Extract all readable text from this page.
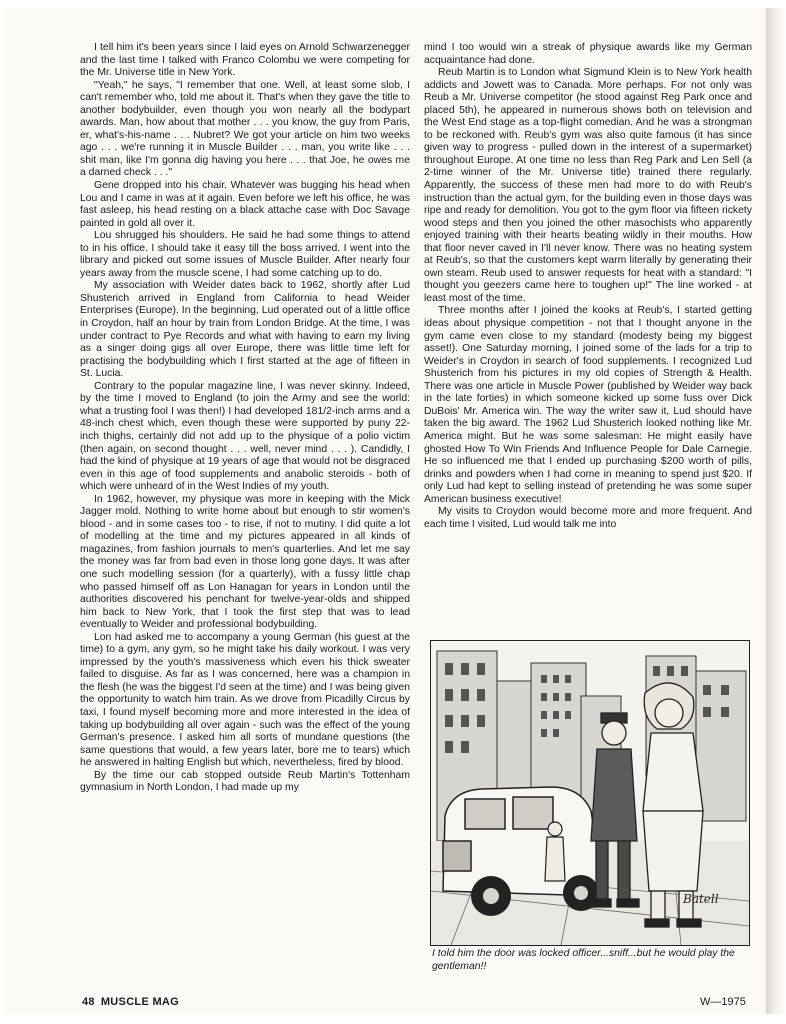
I tell him it's been years since I laid eyes on Arnold Schwarzenegger and the last time I talked with Franco Colombu we were competing for the Mr. Universe title in New York.

"Yeah," he says, "I remember that one. Well, at least some slob, I can't remember who, told me about it. That's when they gave the title to another bodybuilder, even though you won nearly all the bodypart awards. Man, how about that mother . . . you know, the guy from Paris, er, what's-his-name . . . Nubret? We got your article on him two weeks ago . . . we're running it in Muscle Builder . . . man, you write like . . . shit man, like I'm gonna dig having you here . . . that Joe, he owes me a darned check . . ."

Gene dropped into his chair. Whatever was bugging his head when Lou and I came in was at it again. Even before we left his office, he was fast asleep, his head resting on a black attache case with Doc Savage painted in gold all over it.

Lou shrugged his shoulders. He said he had some things to attend to in his office. I should take it easy till the boss arrived. I went into the library and picked out some issues of Muscle Builder. After nearly four years away from the muscle scene, I had some catching up to do.

My association with Weider dates back to 1962, shortly after Lud Shusterich arrived in England from California to head Weider Enterprises (Europe). In the beginning, Lud operated out of a little office in Croydon, half an hour by train from London Bridge. At the time, I was under contract to Pye Records and what with having to earn my living as a singer doing gigs all over Europe, there was little time left for practising the bodybuilding which I first started at the age of fifteen in St. Lucia.

Contrary to the popular magazine line, I was never skinny. Indeed, by the time I moved to England (to join the Army and see the world: what a trusting fool I was then!) I had developed 181/2-inch arms and a 48-inch chest which, even though these were supported by puny 22-inch thighs, certainly did not add up to the physique of a polio victim (then again, on second thought . . . well, never mind . . . ). Candidly, I had the kind of physique at 19 years of age that would not be disgraced even in this age of food supplements and anabolic steroids - both of which were unheard of in the West Indies of my youth.

In 1962, however, my physique was more in keeping with the Mick Jagger mold. Nothing to write home about but enough to stir women's blood - and in some cases too - to rise, if not to mutiny. I did quite a lot of modelling at the time and my pictures appeared in all kinds of magazines, from fashion journals to men's quarterlies. And let me say the money was far from bad even in those long gone days. It was after one such modelling session (for a quarterly), with a fussy little chap who passed himself off as Lon Hanagan for years in London until the authorities discovered his penchant for twelve-year-olds and shipped him back to New York, that I took the first step that was to lead eventually to Weider and professional bodybuilding.

Lon had asked me to accompany a young German (his guest at the time) to a gym, any gym, so he might take his daily workout. I was very impressed by the youth's massiveness which even his thick sweater failed to disguise. As far as I was concerned, here was a champion in the flesh (he was the biggest I'd seen at the time) and I was being given the opportunity to watch him train. As we drove from Picadilly Circus by taxi, I found myself becoming more and more interested in the idea of taking up bodybuilding all over again - such was the effect of the young German's presence. I asked him all sorts of mundane questions (the same questions that would, a few years later, bore me to tears) which he answered in halting English but which, nevertheless, fired by blood.

By the time our cab stopped outside Reub Martin's Tottenham gymnasium in North London, I had made up my

mind I too would win a streak of physique awards like my German acquaintance had done.

Reub Martin is to London what Sigmund Klein is to New York health addicts and Jowett was to Canada. More perhaps. For not only was Reub a Mr. Universe competitor (he stood against Reg Park once and placed 5th), he appeared in numerous shows both on television and the West End stage as a top-flight comedian. And he was a strongman to be reckoned with. Reub's gym was also quite famous (it has since given way to progress - pulled down in the interest of a supermarket) throughout Europe. At one time no less than Reg Park and Len Sell (a 2-time winner of the Mr. Universe title) trained there regularly. Apparently, the success of these men had more to do with Reub's instruction than the actual gym, for the building even in those days was ripe and ready for demolition. You got to the gym floor via fifteen rickety wood steps and then you joined the other masochists who apparently enjoyed training with their hearts beating wildly in their mouths. How that floor never caved in I'll never know. There was no heating system at Reub's, so that the customers kept warm literally by generating their own steam. Reub used to answer requests for heat with a standard: "I thought you geezers came here to toughen up!" The line worked - at least most of the time.

Three months after I joined the kooks at Reub's, I started getting ideas about physique competition - not that I thought anyone in the gym came even close to my standard (modesty being my biggest asset!). One Saturday morning, I joined some of the lads for a trip to Weider's in Croydon in search of food supplements. I recognized Lud Shusterich from his pictures in my old copies of Strength & Health. There was one article in Muscle Power (published by Weider way back in the late forties) in which someone kicked up some fuss over Dick DuBois' Mr. America win. The way the writer saw it, Lud should have taken the big award. The 1962 Lud Shusterich looked nothing like Mr. America might. But he was some salesman: He might easily have ghosted How To Win Friends And Influence People for Dale Carnegie. He so influenced me that I ended up purchasing $200 worth of pills, drinks and powders when I had come in meaning to spend just $20. If only Lud had kept to selling instead of pretending he was some super American business executive!

My visits to Croydon would become more and more frequent. And each time I visited, Lud would talk me into

Batell
I told him the door was locked officer...sniff...but he would play the gentleman!!
48 MUSCLE MAG	W—1975
